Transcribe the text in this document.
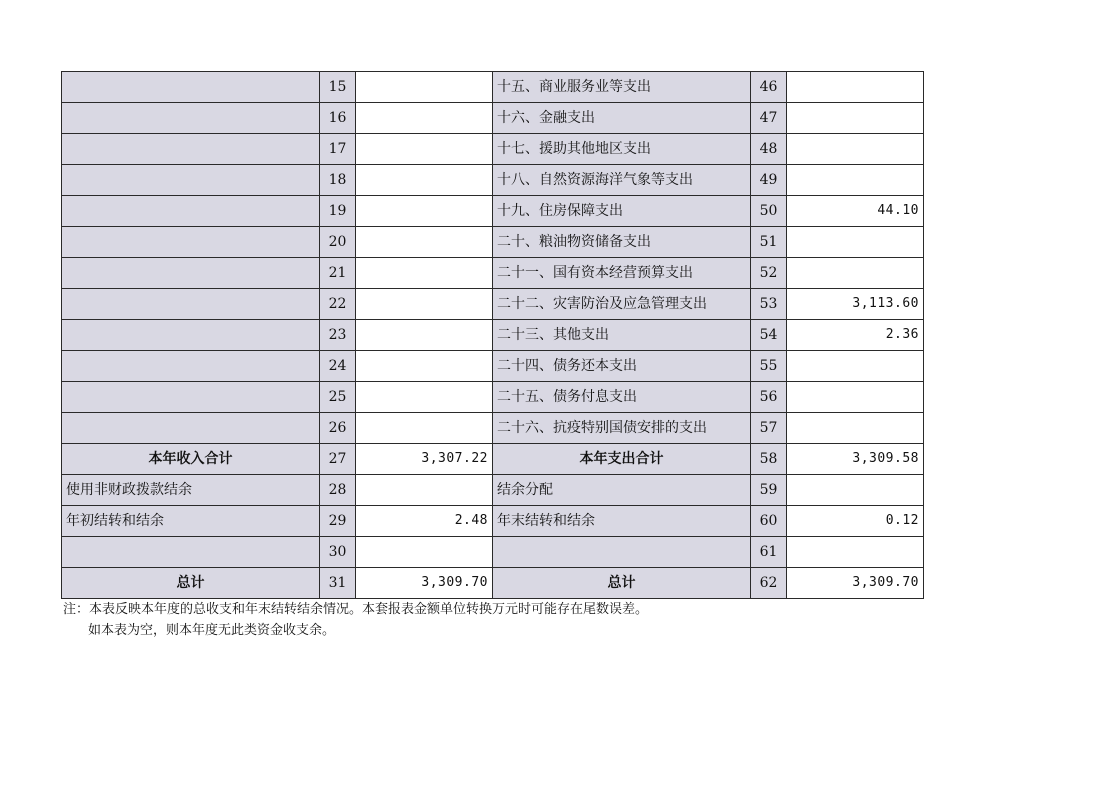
	15		十五、商业服务业等支出	46	
	16		十六、金融支出	47	
	17		十七、援助其他地区支出	48	
	18		十八、自然资源海洋气象等支出	49	
	19		十九、住房保障支出	50	44.10
	20		二十、粮油物资储备支出	51	
	21		二十一、国有资本经营预算支出	52	
	22		二十二、灾害防治及应急管理支出	53	3,113.60
	23		二十三、其他支出	54	2.36
	24		二十四、债务还本支出	55	
	25		二十五、债务付息支出	56	
	26		二十六、抗疫特别国债安排的支出	57	
本年收入合计	27	3,307.22	本年支出合计	58	3,309.58
使用非财政拨款结余	28		结余分配	59	
年初结转和结余	29	2.48	年末结转和结余	60	0.12
	30			61	
总计	31	3,309.70	总计	62	3,309.70
注：本表反映本年度的总收支和年末结转结余情况。本套报表金额单位转换万元时可能存在尾数误差。
如本表为空，则本年度无此类资金收支余。
